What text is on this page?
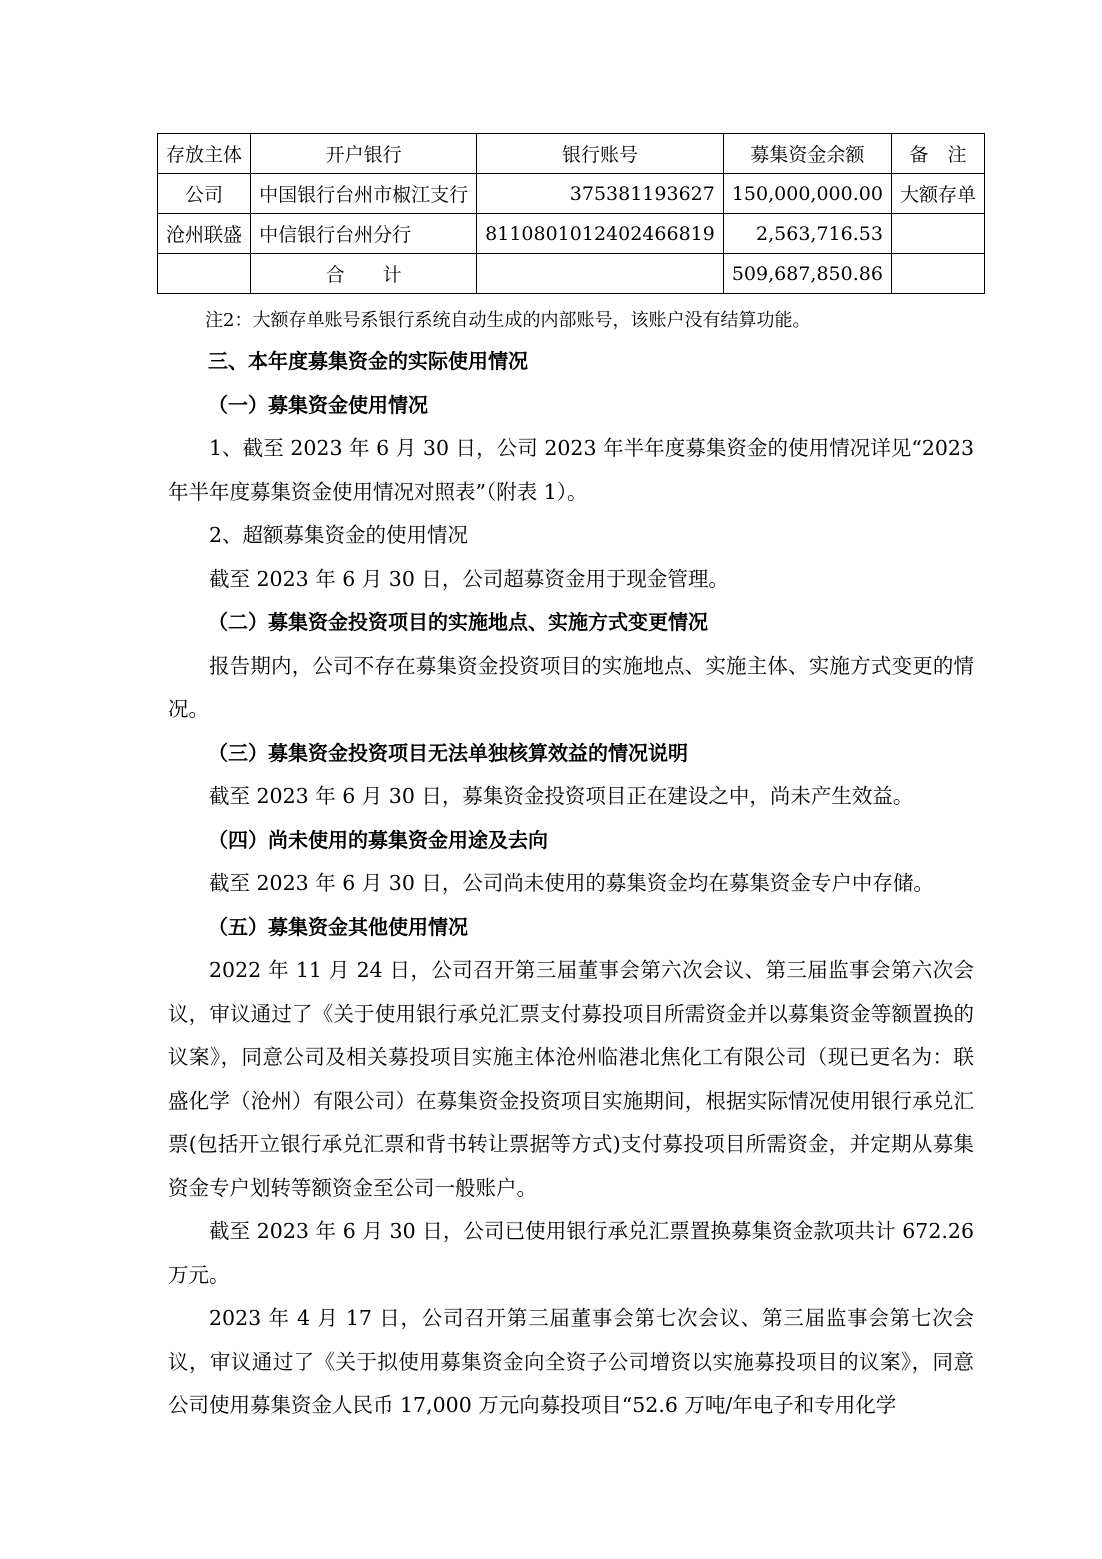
存放主体	开户银行	银行账号	募集资金余额	备　注
公司	中国银行台州市椒江支行	375381193627	150,000,000.00	大额存单
沧州联盛	中信银行台州分行	8110801012402466819	2,563,716.53	
	合　　计		509,687,850.86	
注2：大额存单账号系银行系统自动生成的内部账号，该账户没有结算功能。

三、本年度募集资金的实际使用情况

（一）募集资金使用情况

1、截至 2023 年 6 月 30 日，公司 2023 年半年度募集资金的使用情况详见“2023 年半年度募集资金使用情况对照表”（附表 1）。

2、超额募集资金的使用情况

截至 2023 年 6 月 30 日，公司超募资金用于现金管理。

（二）募集资金投资项目的实施地点、实施方式变更情况

报告期内，公司不存在募集资金投资项目的实施地点、实施主体、实施方式变更的情况。

（三）募集资金投资项目无法单独核算效益的情况说明

截至 2023 年 6 月 30 日，募集资金投资项目正在建设之中，尚未产生效益。

（四）尚未使用的募集资金用途及去向

截至 2023 年 6 月 30 日，公司尚未使用的募集资金均在募集资金专户中存储。

（五）募集资金其他使用情况

2022 年 11 月 24 日，公司召开第三届董事会第六次会议、第三届监事会第六次会议，审议通过了《关于使用银行承兑汇票支付募投项目所需资金并以募集资金等额置换的议案》，同意公司及相关募投项目实施主体沧州临港北焦化工有限公司（现已更名为：联盛化学（沧州）有限公司）在募集资金投资项目实施期间，根据实际情况使用银行承兑汇票(包括开立银行承兑汇票和背书转让票据等方式)支付募投项目所需资金，并定期从募集资金专户划转等额资金至公司一般账户。

截至 2023 年 6 月 30 日，公司已使用银行承兑汇票置换募集资金款项共计 672.26 万元。

2023 年 4 月 17 日，公司召开第三届董事会第七次会议、第三届监事会第七次会议，审议通过了《关于拟使用募集资金向全资子公司增资以实施募投项目的议案》，同意公司使用募集资金人民币 17,000 万元向募投项目“52.6 万吨/年电子和专用化学
